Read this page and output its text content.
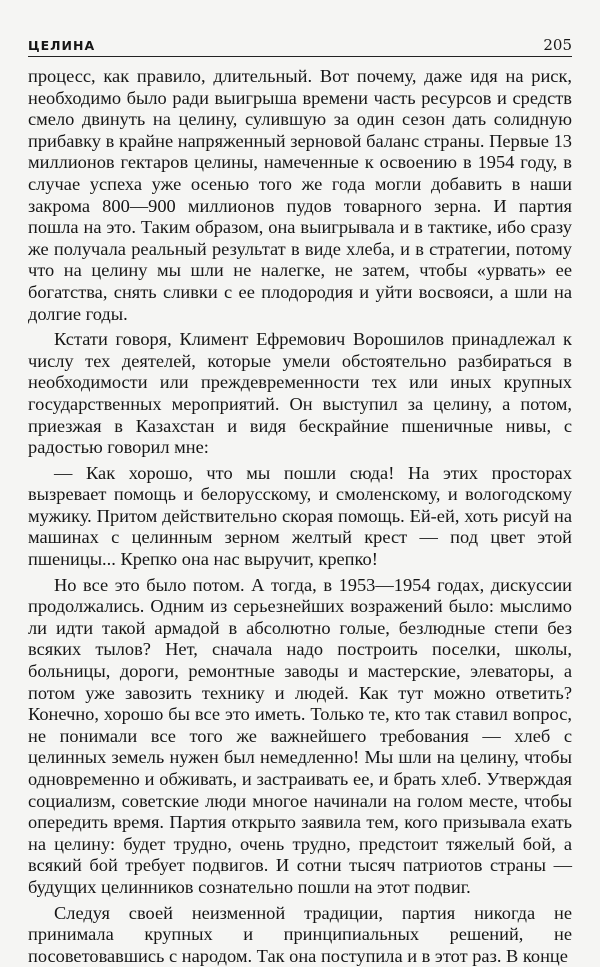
ЦЕЛИНА	205

процесс, как правило, длительный. Вот почему, даже идя на риск, необходимо было ради выигрыша времени часть ресурсов и средств смело двинуть на целину, сулившую за один сезон дать солидную прибавку в крайне напряженный зерновой баланс страны. Первые 13 миллионов гектаров целины, намеченные к освоению в 1954 году, в случае успеха уже осенью того же года могли добавить в наши закрома 800—900 миллионов пудов товарного зерна. И партия пошла на это. Таким образом, она выигрывала и в тактике, ибо сразу же получала реальный результат в виде хлеба, и в стратегии, потому что на целину мы шли не налегке, не затем, чтобы «урвать» ее богатства, снять сливки с ее плодородия и уйти восвояси, а шли на долгие годы.

Кстати говоря, Климент Ефремович Ворошилов принадлежал к числу тех деятелей, которые умели обстоятельно разбираться в необходимости или преждевременности тех или иных крупных государственных мероприятий. Он выступил за целину, а потом, приезжая в Казахстан и видя бескрайние пшеничные нивы, с радостью говорил мне:

— Как хорошо, что мы пошли сюда! На этих просторах вызревает помощь и белорусскому, и смоленскому, и вологодскому мужику. Притом действительно скорая помощь. Ей-ей, хоть рисуй на машинах с целинным зерном желтый крест — под цвет этой пшеницы... Крепко она нас выручит, крепко!

Но все это было потом. А тогда, в 1953—1954 годах, дискуссии продолжались. Одним из серьезнейших возражений было: мыслимо ли идти такой армадой в абсолютно голые, безлюдные степи без всяких тылов? Нет, сначала надо построить поселки, школы, больницы, дороги, ремонтные заводы и мастерские, элеваторы, а потом уже завозить технику и людей. Как тут можно ответить? Конечно, хорошо бы все это иметь. Только те, кто так ставил вопрос, не понимали все того же важнейшего требования — хлеб с целинных земель нужен был немедленно! Мы шли на целину, чтобы одновременно и обживать, и застраивать ее, и брать хлеб. Утверждая социализм, советские люди многое начинали на голом месте, чтобы опередить время. Партия открыто заявила тем, кого призывала ехать на целину: будет трудно, очень трудно, предстоит тяжелый бой, а всякий бой требует подвигов. И сотни тысяч патриотов страны — будущих целинников сознательно пошли на этот подвиг.

Следуя своей неизменной традиции, партия никогда не принимала крупных и принципиальных решений, не посоветовавшись с народом. Так она поступила и в этот раз. В конце
